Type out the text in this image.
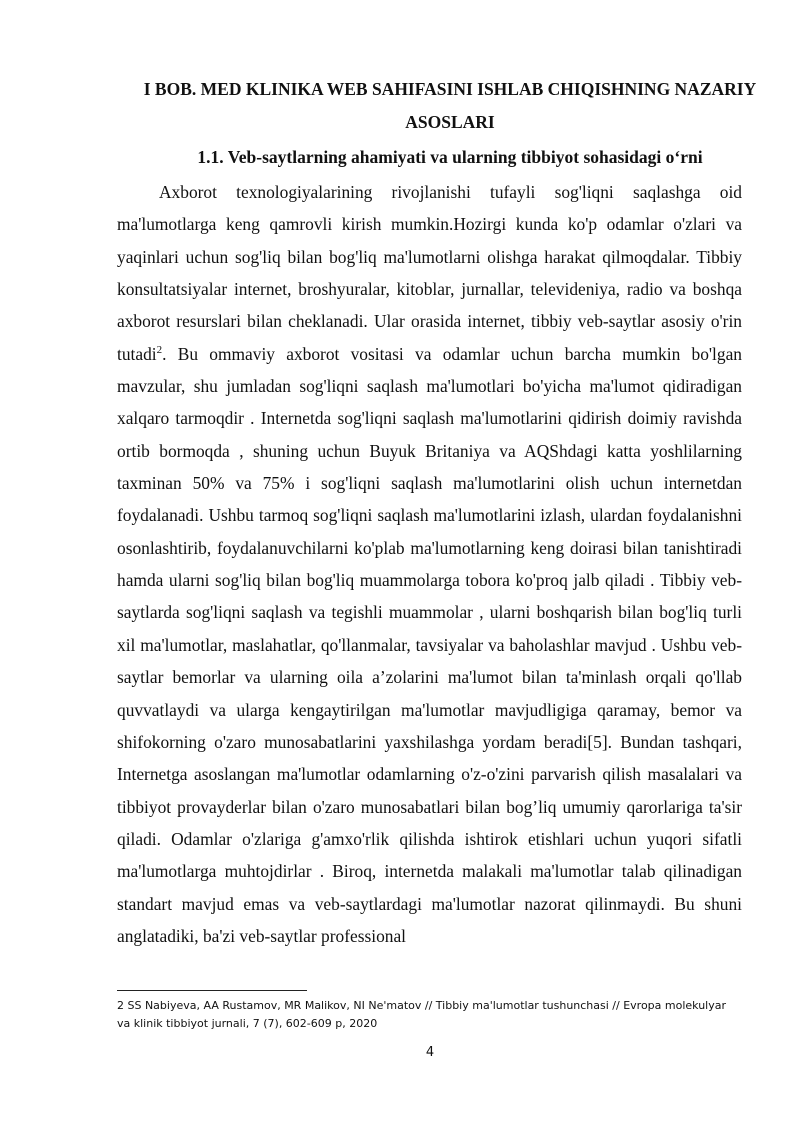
I BOB. MED KLINIKA WEB SAHIFASINI ISHLAB CHIQISHNING NAZARIY ASOSLARI
1.1. Veb-saytlarning ahamiyati va ularning tibbiyot sohasidagi o‘rni

Axborot texnologiyalarining rivojlanishi tufayli sog'liqni saqlashga oid ma'lumotlarga keng qamrovli kirish mumkin.Hozirgi kunda ko'p odamlar o'zlari va yaqinlari uchun sog'liq bilan bog'liq ma'lumotlarni olishga harakat qilmoqdalar. Tibbiy konsultatsiyalar internet, broshyuralar, kitoblar, jurnallar, televideniya, radio va boshqa axborot resurslari bilan cheklanadi. Ular orasida internet, tibbiy veb-saytlar asosiy o'rin tutadi$^2$. Bu ommaviy axborot vositasi va odamlar uchun barcha mumkin bo'lgan mavzular, shu jumladan sog'liqni saqlash ma'lumotlari bo'yicha ma'lumot qidiradigan xalqaro tarmoqdir . Internetda sog'liqni saqlash ma'lumotlarini qidirish doimiy ravishda ortib bormoqda , shuning uchun Buyuk Britaniya va AQShdagi katta yoshlilarning taxminan 50% va 75% i sog'liqni saqlash ma'lumotlarini olish uchun internetdan foydalanadi. Ushbu tarmoq sog'liqni saqlash ma'lumotlarini izlash, ulardan foydalanishni osonlashtirib, foydalanuvchilarni ko'plab ma'lumotlarning keng doirasi bilan tanishtiradi hamda ularni sog'liq bilan bog'liq muammolarga tobora ko'proq jalb qiladi . Tibbiy veb-saytlarda sog'liqni saqlash va tegishli muammolar , ularni boshqarish bilan bog'liq turli xil ma'lumotlar, maslahatlar, qo'llanmalar, tavsiyalar va baholashlar mavjud . Ushbu veb-saytlar bemorlar va ularning oila a’zolarini ma'lumot bilan ta'minlash orqali qo'llab quvvatlaydi va ularga kengaytirilgan ma'lumotlar mavjudligiga qaramay, bemor va shifokorning o'zaro munosabatlarini yaxshilashga yordam beradi[5]. Bundan tashqari, Internetga asoslangan ma'lumotlar odamlarning o'z-o'zini parvarish qilish masalalari va tibbiyot provayderlar bilan o'zaro munosabatlari bilan bog’liq umumiy qarorlariga ta'sir qiladi. Odamlar o'zlariga g'amxo'rlik qilishda ishtirok etishlari uchun yuqori sifatli ma'lumotlarga muhtojdirlar . Biroq, internetda malakali ma'lumotlar talab qilinadigan standart mavjud emas va veb-saytlardagi ma'lumotlar nazorat qilinmaydi. Bu shuni anglatadiki, ba'zi veb-saytlar professional

2 SS Nabiyeva, AA Rustamov, MR Malikov, NI Ne'matov // Tibbiy ma'lumotlar tushunchasi // Evropa molekulyar va klinik tibbiyot jurnali, 7 (7), 602-609 p, 2020

4
